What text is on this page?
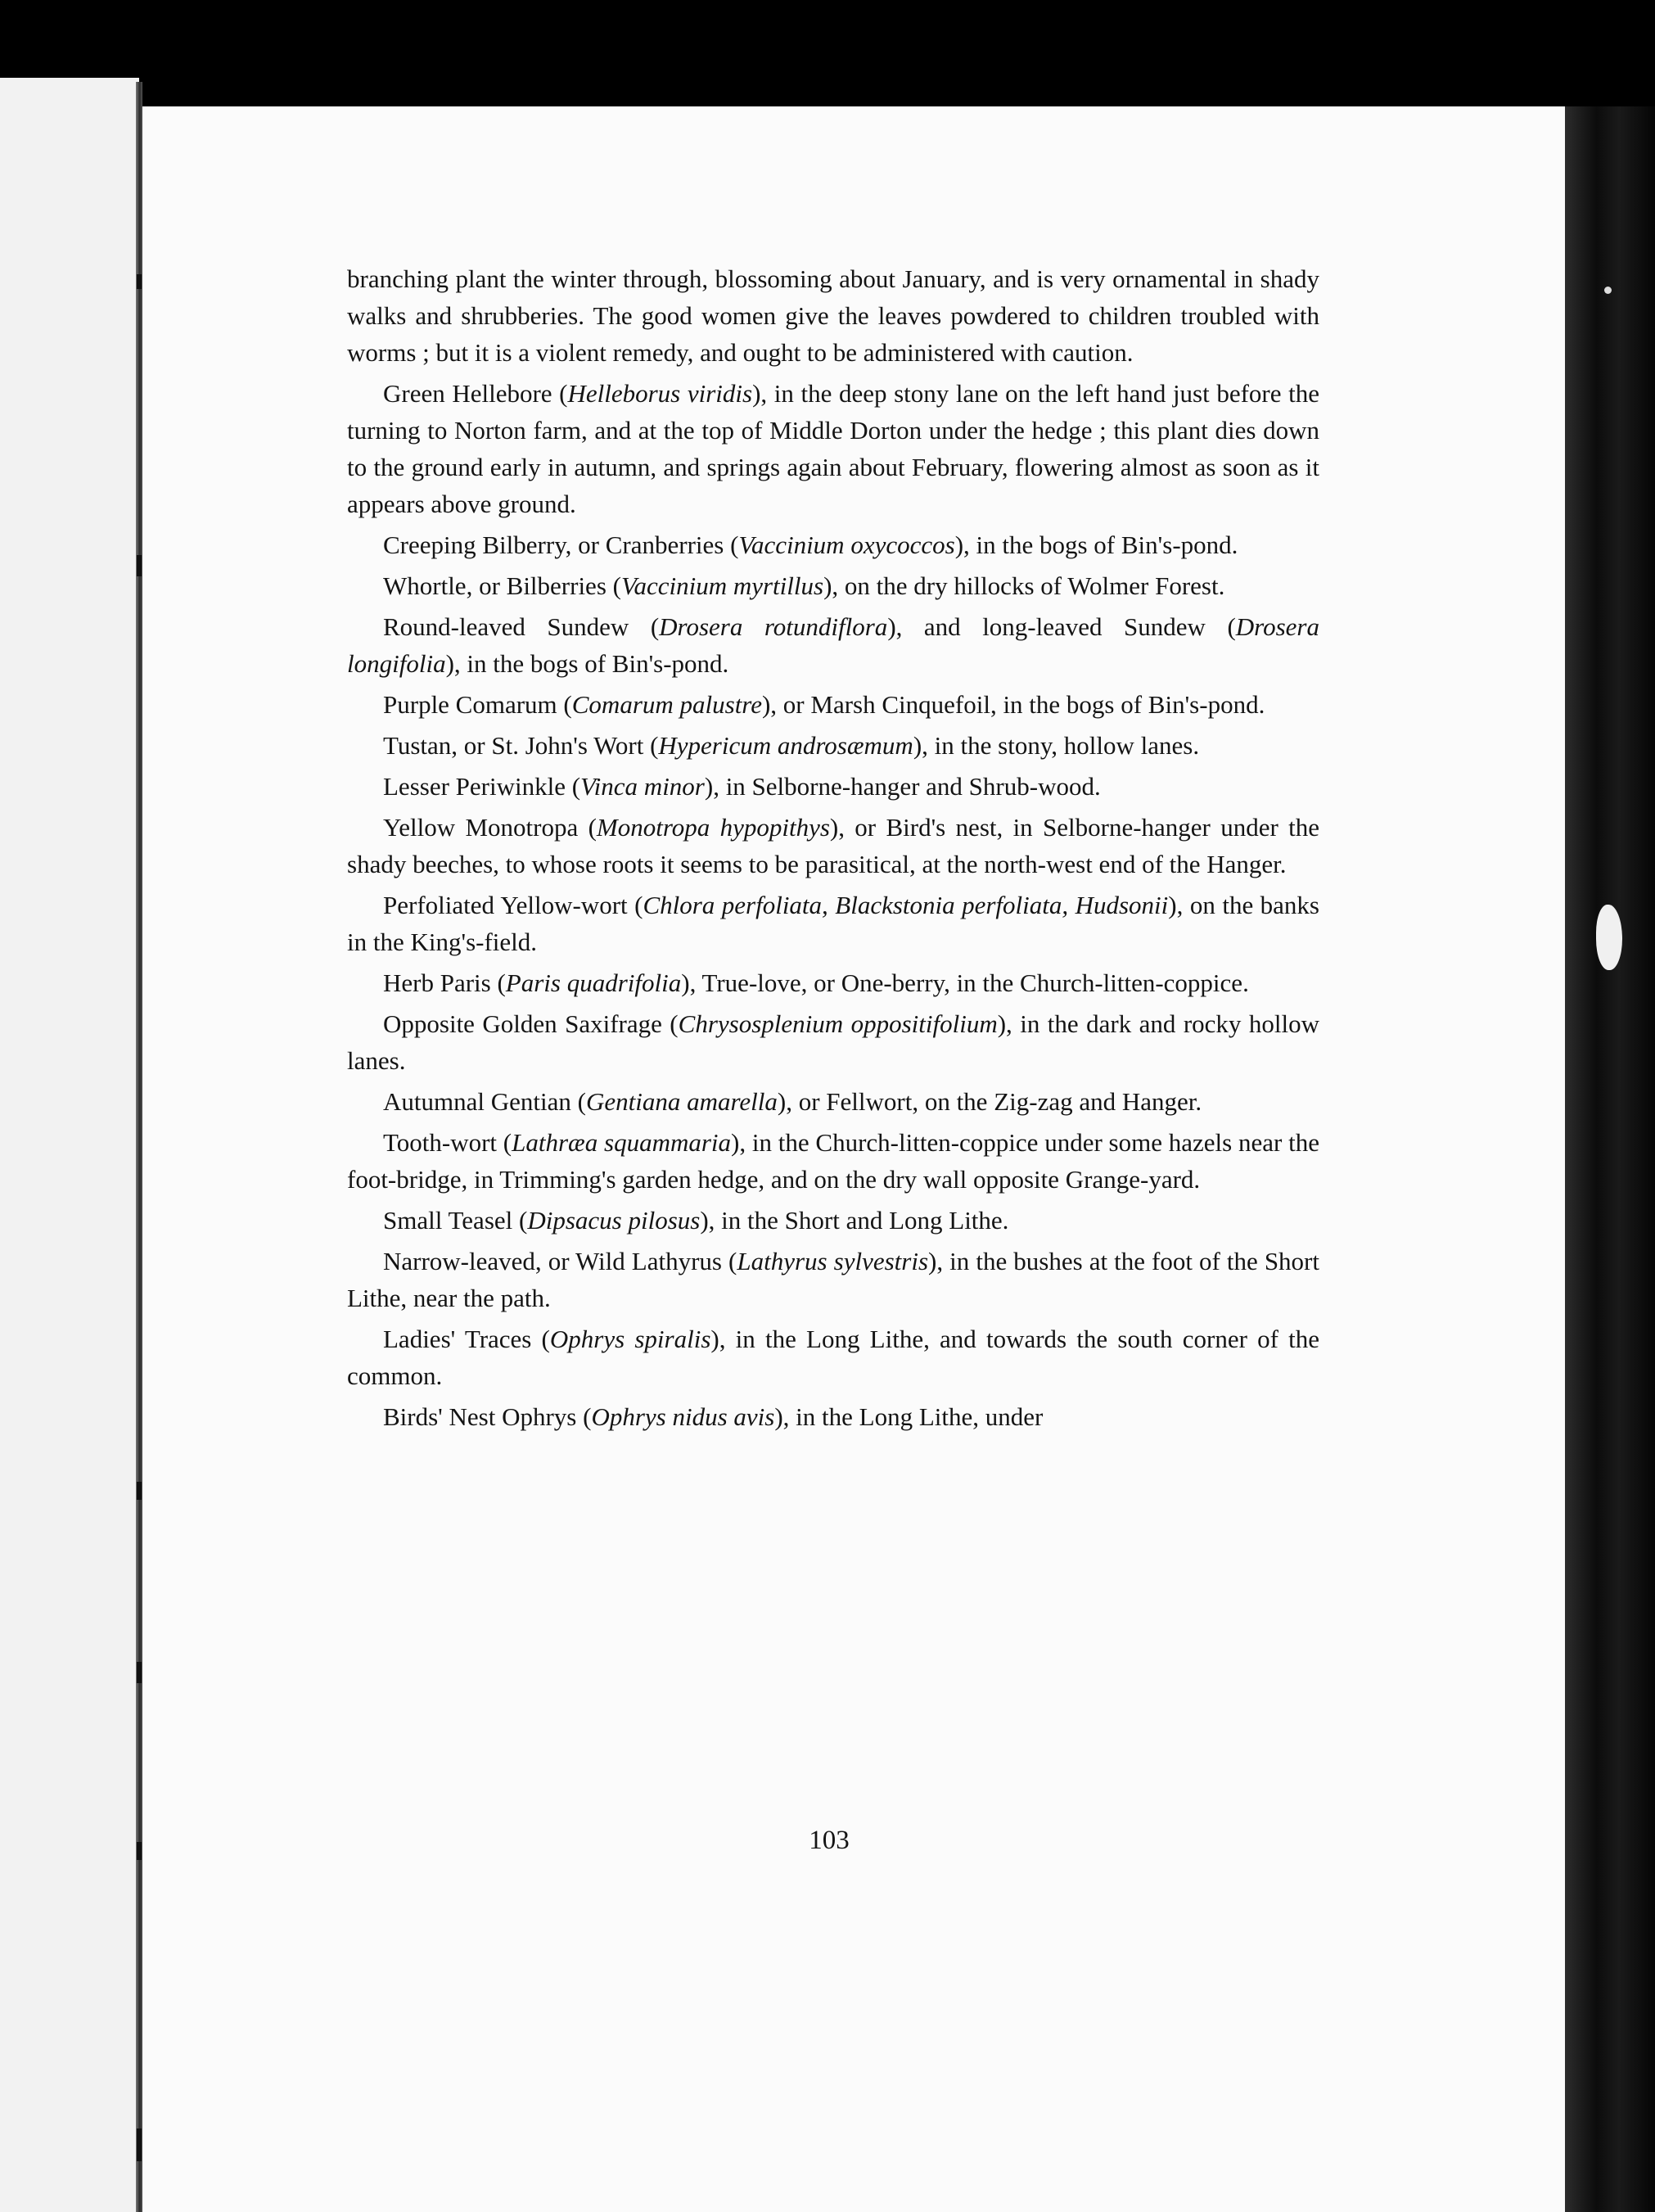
branching plant the winter through, blossoming about January, and is very ornamental in shady walks and shrubberies. The good women give the leaves powdered to children troubled with worms ; but it is a violent remedy, and ought to be administered with caution.

Green Hellebore (Helleborus viridis), in the deep stony lane on the left hand just before the turning to Norton farm, and at the top of Middle Dorton under the hedge ; this plant dies down to the ground early in autumn, and springs again about February, flowering almost as soon as it appears above ground.

Creeping Bilberry, or Cranberries (Vaccinium oxycoccos), in the bogs of Bin's-pond.

Whortle, or Bilberries (Vaccinium myrtillus), on the dry hillocks of Wolmer Forest.

Round-leaved Sundew (Drosera rotundiflora), and long-leaved Sundew (Drosera longifolia), in the bogs of Bin's-pond.

Purple Comarum (Comarum palustre), or Marsh Cinquefoil, in the bogs of Bin's-pond.

Tustan, or St. John's Wort (Hypericum androsæmum), in the stony, hollow lanes.

Lesser Periwinkle (Vinca minor), in Selborne-hanger and Shrub-wood.

Yellow Monotropa (Monotropa hypopithys), or Bird's nest, in Selborne-hanger under the shady beeches, to whose roots it seems to be parasitical, at the north-west end of the Hanger.

Perfoliated Yellow-wort (Chlora perfoliata, Blackstonia perfoliata, Hudsonii), on the banks in the King's-field.

Herb Paris (Paris quadrifolia), True-love, or One-berry, in the Church-litten-coppice.

Opposite Golden Saxifrage (Chrysosplenium oppositifolium), in the dark and rocky hollow lanes.

Autumnal Gentian (Gentiana amarella), or Fellwort, on the Zig-zag and Hanger.

Tooth-wort (Lathræa squammaria), in the Church-litten-coppice under some hazels near the foot-bridge, in Trimming's garden hedge, and on the dry wall opposite Grange-yard.

Small Teasel (Dipsacus pilosus), in the Short and Long Lithe.

Narrow-leaved, or Wild Lathyrus (Lathyrus sylvestris), in the bushes at the foot of the Short Lithe, near the path.

Ladies' Traces (Ophrys spiralis), in the Long Lithe, and towards the south corner of the common.

Birds' Nest Ophrys (Ophrys nidus avis), in the Long Lithe, under

103
